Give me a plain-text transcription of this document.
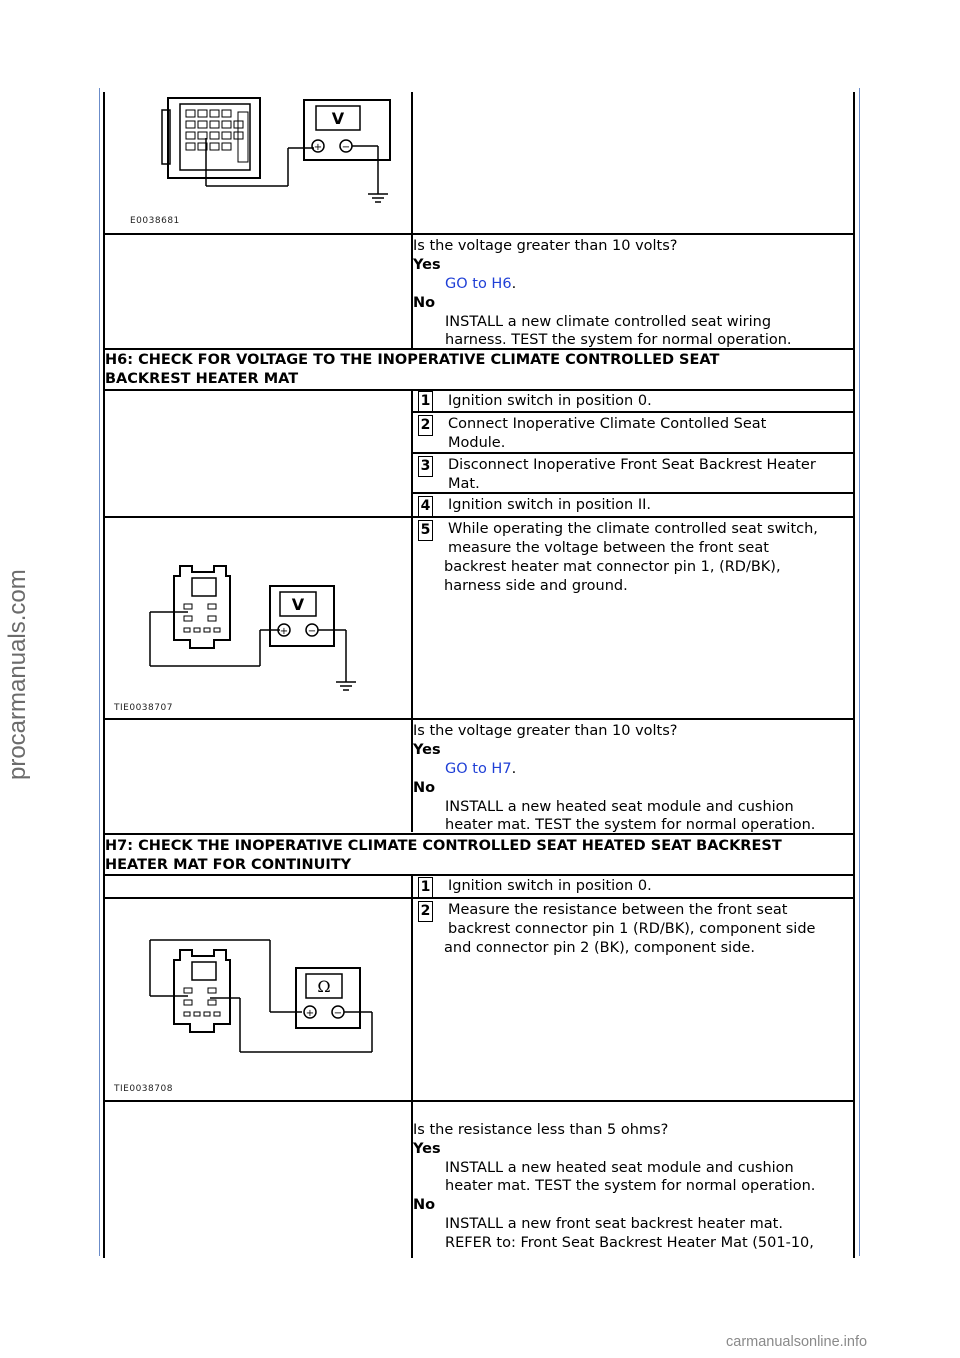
procarmanuals.com
carmanualsonline.info
V
+ −
E0038681
Is the voltage greater than 10 volts?
Yes
GO to H6.
No
INSTALL a new climate controlled seat wiring
harness. TEST the system for normal operation.
H6: CHECK FOR VOLTAGE TO THE INOPERATIVE CLIMATE CONTROLLED SEAT
BACKREST HEATER MAT
1 Ignition switch in position 0.
2 Connect Inoperative Climate Contolled Seat
Module.
3 Disconnect Inoperative Front Seat Backrest Heater
Mat.
4 Ignition switch in position II.
5 While operating the climate controlled seat switch,
measure the voltage between the front seat
backrest heater mat connector pin 1, (RD/BK),
harness side and ground.
V
+ −
TIE0038707
Is the voltage greater than 10 volts?
Yes
GO to H7.
No
INSTALL a new heated seat module and cushion
heater mat. TEST the system for normal operation.
H7: CHECK THE INOPERATIVE CLIMATE CONTROLLED SEAT HEATED SEAT BACKREST
HEATER MAT FOR CONTINUITY
1 Ignition switch in position 0.
2 Measure the resistance between the front seat
backrest connector pin 1 (RD/BK), component side
and connector pin 2 (BK), component side.
Ω
+ −
TIE0038708
Is the resistance less than 5 ohms?
Yes
INSTALL a new heated seat module and cushion
heater mat. TEST the system for normal operation.
No
INSTALL a new front seat backrest heater mat.
REFER to: Front Seat Backrest Heater Mat (501-10,
